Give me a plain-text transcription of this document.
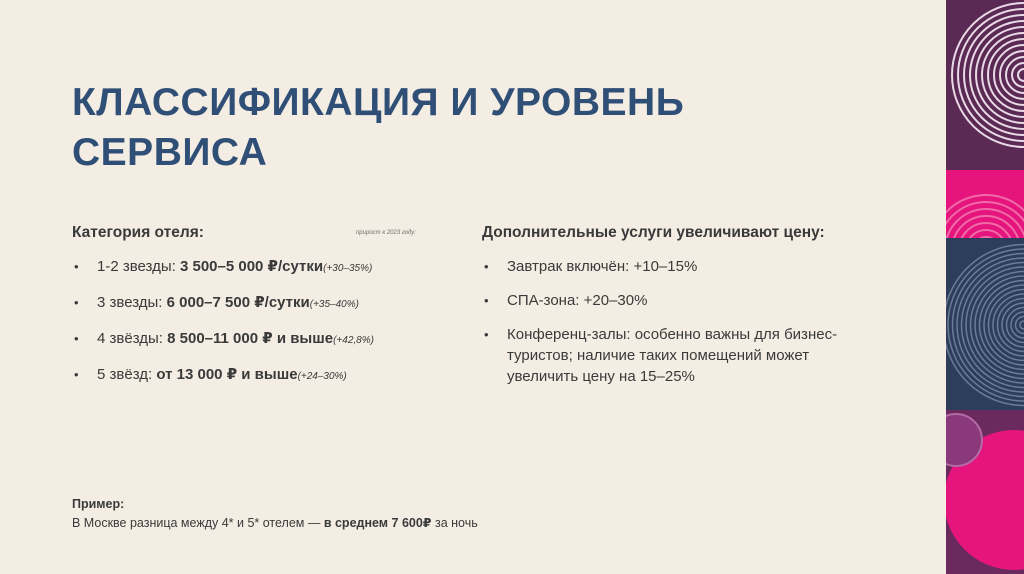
КЛАССИФИКАЦИЯ И УРОВЕНЬ
СЕРВИСА
Категория отеля:	прирост к 2023 году:
• 1-2 звезды: 3 500–5 000 ₽/сутки(+30–35%)
• 3 звезды: 6 000–7 500 ₽/сутки(+35–40%)
• 4 звёзды: 8 500–11 000 ₽ и выше(+42,8%)
• 5 звёзд: от 13 000 ₽ и выше(+24–30%)
Дополнительные услуги увеличивают цену:
• Завтрак включён: +10–15%
• СПА-зона: +20–30%
• Конференц-залы: особенно важны для бизнес-туристов; наличие таких помещений может увеличить цену на 15–25%
Пример:
В Москве разница между 4* и 5* отелем — в среднем 7 600₽ за ночь
